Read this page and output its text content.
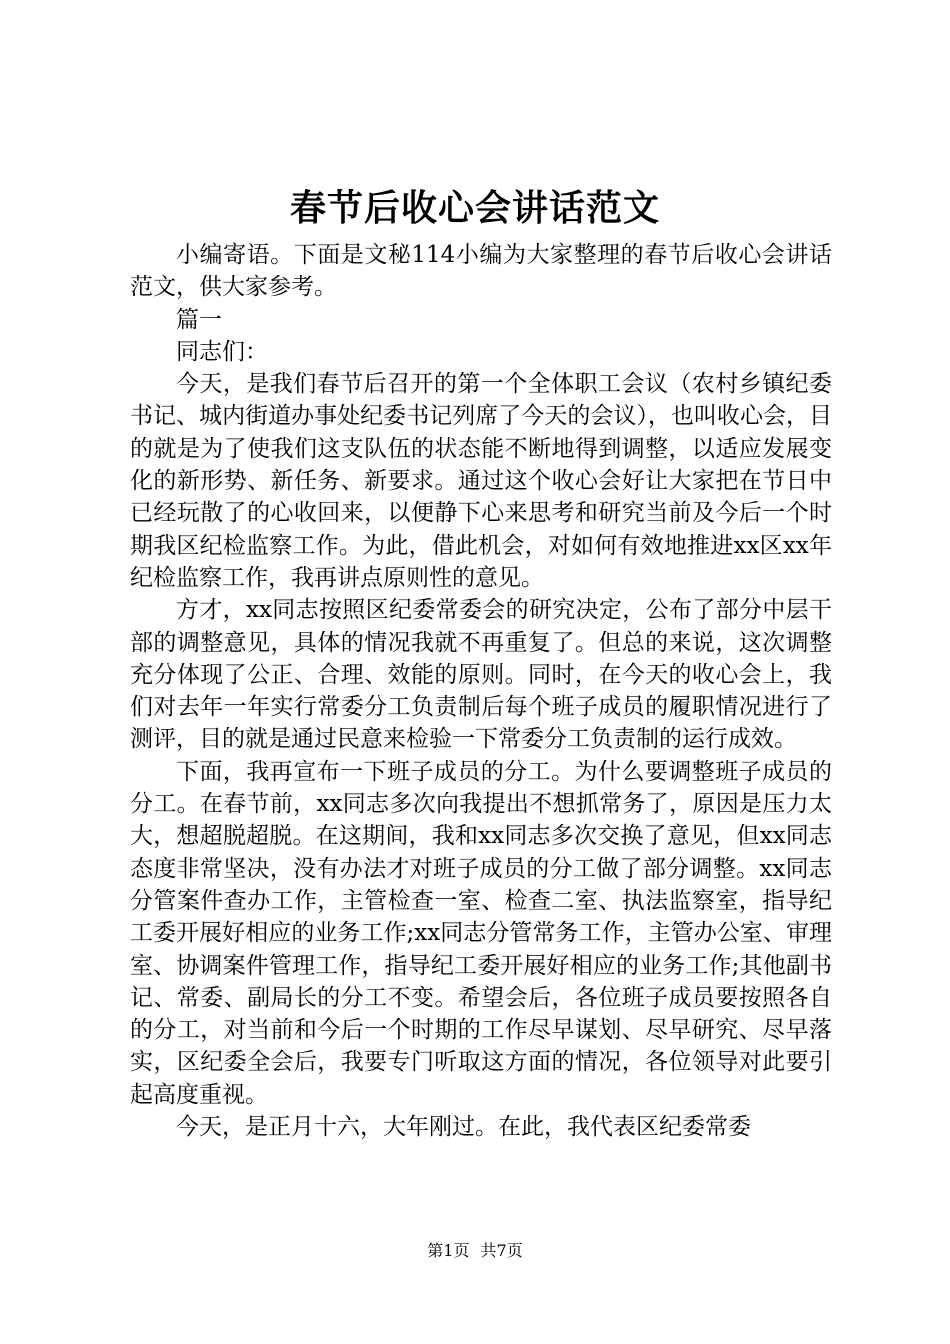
春节后收心会讲话范文

小编寄语。下面是文秘114小编为大家整理的春节后收心会讲话范文，供大家参考。

篇一

同志们：

今天，是我们春节后召开的第一个全体职工会议（农村乡镇纪委书记、城内街道办事处纪委书记列席了今天的会议），也叫收心会，目的就是为了使我们这支队伍的状态能不断地得到调整，以适应发展变化的新形势、新任务、新要求。通过这个收心会好让大家把在节日中已经玩散了的心收回来，以便静下心来思考和研究当前及今后一个时期我区纪检监察工作。为此，借此机会，对如何有效地推进xx区xx年纪检监察工作，我再讲点原则性的意见。

方才，xx同志按照区纪委常委会的研究决定，公布了部分中层干部的调整意见，具体的情况我就不再重复了。但总的来说，这次调整充分体现了公正、合理、效能的原则。同时，在今天的收心会上，我们对去年一年实行常委分工负责制后每个班子成员的履职情况进行了测评，目的就是通过民意来检验一下常委分工负责制的运行成效。

下面，我再宣布一下班子成员的分工。为什么要调整班子成员的分工。在春节前，xx同志多次向我提出不想抓常务了，原因是压力太大，想超脱超脱。在这期间，我和xx同志多次交换了意见，但xx同志态度非常坚决，没有办法才对班子成员的分工做了部分调整。xx同志分管案件查办工作，主管检查一室、检查二室、执法监察室，指导纪工委开展好相应的业务工作;xx同志分管常务工作，主管办公室、审理室、协调案件管理工作，指导纪工委开展好相应的业务工作;其他副书记、常委、副局长的分工不变。希望会后，各位班子成员要按照各自的分工，对当前和今后一个时期的工作尽早谋划、尽早研究、尽早落实，区纪委全会后，我要专门听取这方面的情况，各位领导对此要引起高度重视。

今天，是正月十六，大年刚过。在此，我代表区纪委常委

第1页 共7页
